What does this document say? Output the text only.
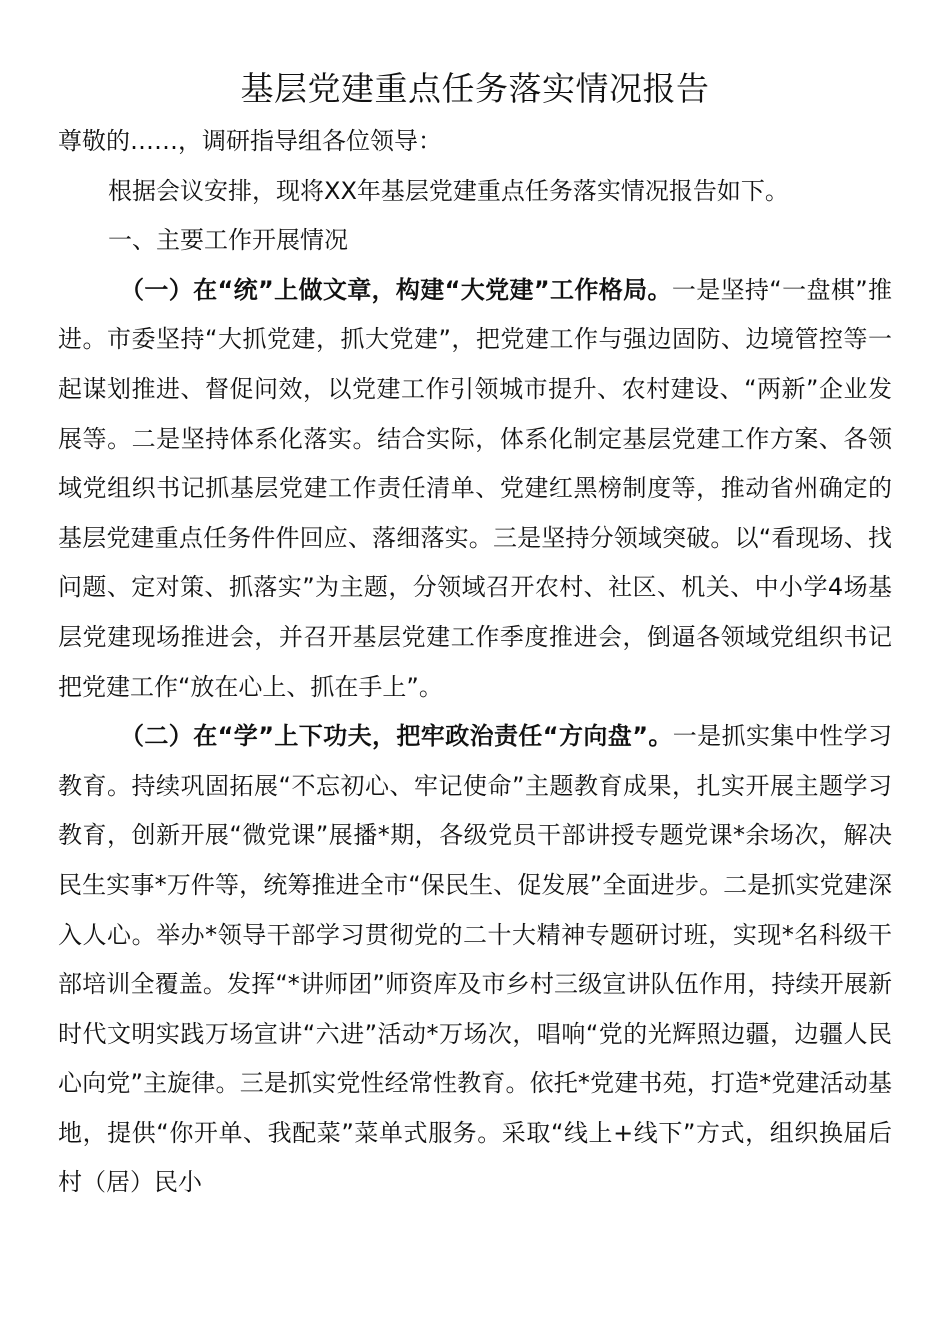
基层党建重点任务落实情况报告

尊敬的……，调研指导组各位领导：

根据会议安排，现将XX年基层党建重点任务落实情况报告如下。

一、主要工作开展情况

（一）在“统”上做文章，构建“大党建”工作格局。一是坚持“一盘棋”推进。市委坚持“大抓党建，抓大党建”，把党建工作与强边固防、边境管控等一起谋划推进、督促问效，以党建工作引领城市提升、农村建设、“两新”企业发展等。二是坚持体系化落实。结合实际，体系化制定基层党建工作方案、各领域党组织书记抓基层党建工作责任清单、党建红黑榜制度等，推动省州确定的基层党建重点任务件件回应、落细落实。三是坚持分领域突破。以“看现场、找问题、定对策、抓落实”为主题，分领域召开农村、社区、机关、中小学4场基层党建现场推进会，并召开基层党建工作季度推进会，倒逼各领域党组织书记把党建工作“放在心上、抓在手上”。

（二）在“学”上下功夫，把牢政治责任“方向盘”。一是抓实集中性学习教育。持续巩固拓展“不忘初心、牢记使命”主题教育成果，扎实开展主题学习教育，创新开展“微党课”展播*期，各级党员干部讲授专题党课*余场次，解决民生实事*万件等，统筹推进全市“保民生、促发展”全面进步。二是抓实党建深入人心。举办*领导干部学习贯彻党的二十大精神专题研讨班，实现*名科级干部培训全覆盖。发挥“*讲师团”师资库及市乡村三级宣讲队伍作用，持续开展新时代文明实践万场宣讲“六进”活动*万场次，唱响“党的光辉照边疆，边疆人民心向党”主旋律。三是抓实党性经常性教育。依托*党建书苑，打造*党建活动基地，提供“你开单、我配菜”菜单式服务。采取“线上+线下”方式，组织换届后村（居）民小
